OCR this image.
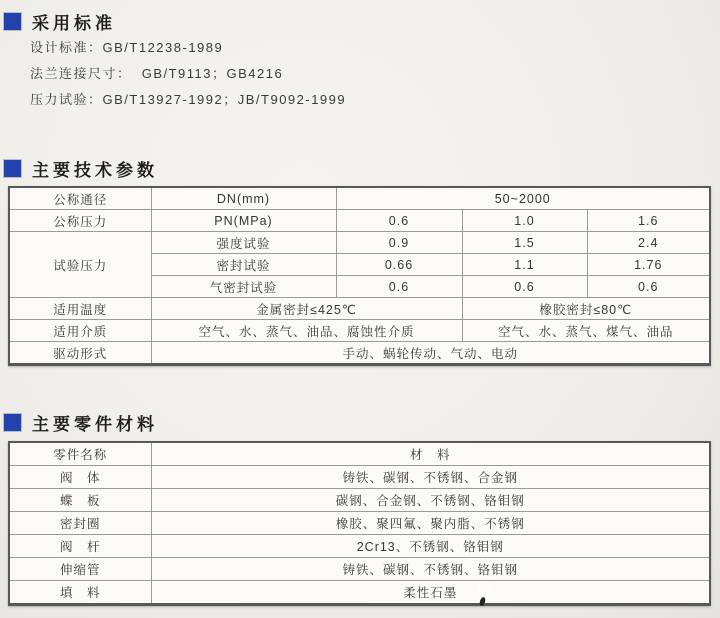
采用标准
设计标准：GB/T12238-1989
法兰连接尺寸：  GB/T9113；GB4216
压力试验：GB/T13927-1992；JB/T9092-1999
主要技术参数
公称通径	DN(mm)	50~2000		
公称压力	PN(MPa)	0.6	1.0	1.6
试验压力	强度试验	0.9	1.5	2.4
	密封试验	0.66	1.1	1.76
	气密封试验	0.6	0.6	0.6
适用温度	金属密封≤425℃		橡胶密封≤80℃	
适用介质	空气、水、蒸气、油品、腐蚀性介质		空气、水、蒸气、煤气、油品	
驱动形式	手动、蜗轮传动、气动、电动			
主要零件材料
零件名称	材　料
阀　体	铸铁、碳钢、不锈钢、合金钢
蝶　板	碳钢、合金钢、不锈钢、铬钼钢
密封圈	橡胶、聚四氟、聚内脂、不锈钢
阀　杆	2Cr13、不锈钢、铬钼钢
伸缩管	铸铁、碳钢、不锈钢、铬钼钢
填　料	柔性石墨
